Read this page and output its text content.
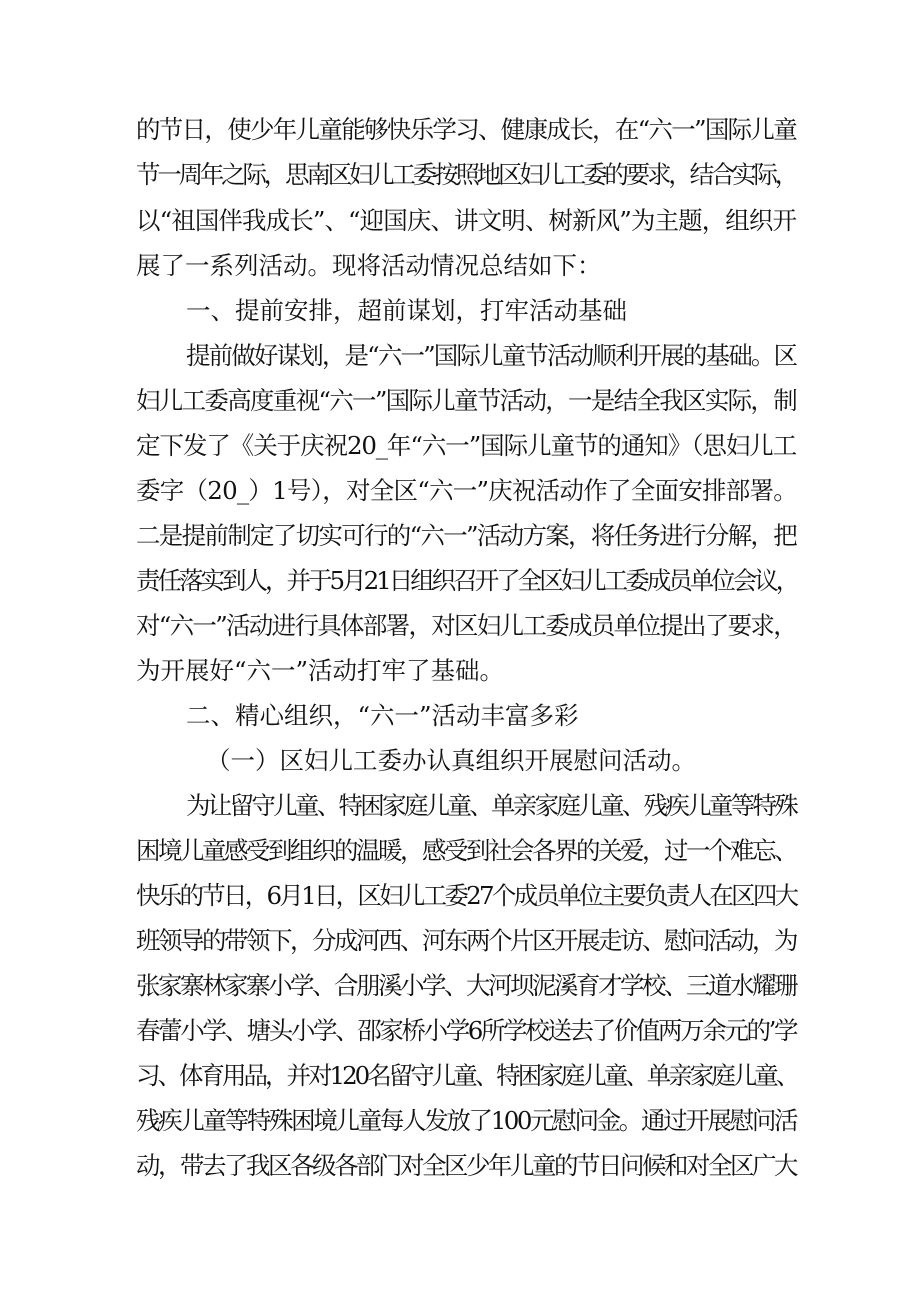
的节日，使少年儿童能够快乐学习、健康成长，在“六一”国际儿童
节一周年之际，思南区妇儿工委按照地区妇儿工委的要求，结合实际，
以“祖国伴我成长”、“迎国庆、讲文明、树新风”为主题，组织开
展了一系列活动。现将活动情况总结如下：
一、提前安排，超前谋划，打牢活动基础
提前做好谋划，是“六一”国际儿童节活动顺利开展的基础。区
妇儿工委高度重视“六一”国际儿童节活动，一是结全我区实际，制
定下发了《关于庆祝20_年“六一”国际儿童节的通知》（思妇儿工
委字（20_）1号），对全区“六一”庆祝活动作了全面安排部署。
二是提前制定了切实可行的“六一”活动方案，将任务进行分解，把
责任落实到人，并于5月21日组织召开了全区妇儿工委成员单位会议，
对“六一”活动进行具体部署，对区妇儿工委成员单位提出了要求，
为开展好“六一”活动打牢了基础。
二、精心组织，“六一”活动丰富多彩
（一）区妇儿工委办认真组织开展慰问活动。
为让留守儿童、特困家庭儿童、单亲家庭儿童、残疾儿童等特殊
困境儿童感受到组织的温暖，感受到社会各界的关爱，过一个难忘、
快乐的节日，6月1日，区妇儿工委27个成员单位主要负责人在区四大
班领导的带领下，分成河西、河东两个片区开展走访、慰问活动，为
张家寨林家寨小学、合朋溪小学、大河坝泥溪育才学校、三道水耀珊
春蕾小学、塘头小学、邵家桥小学6所学校送去了价值两万余元的’学
习、体育用品，并对120名留守儿童、特困家庭儿童、单亲家庭儿童、
残疾儿童等特殊困境儿童每人发放了100元慰问金。通过开展慰问活
动，带去了我区各级各部门对全区少年儿童的节日问候和对全区广大
